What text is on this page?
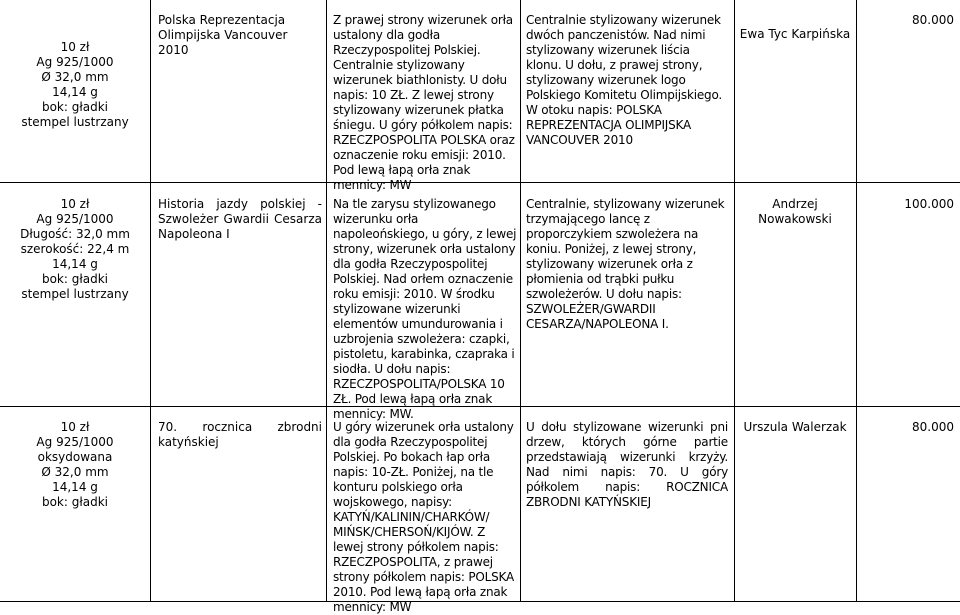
10 zł
Ag 925/1000
Ø 32,0 mm
14,14 g
bok: gładki
stempel lustrzany
Polska Reprezentacja Olimpijska Vancouver 2010
Z prawej strony wizerunek orła ustalony dla godła Rzeczypospolitej Polskiej. Centralnie stylizowany wizerunek biathlonisty. U dołu napis: 10 ZŁ. Z lewej strony stylizowany wizerunek płatka śniegu. U góry półkolem napis: RZECZPOSPOLITA POLSKA oraz oznaczenie roku emisji: 2010. Pod lewą łapą orła znak mennicy: MW
Centralnie stylizowany wizerunek dwóch panczenistów. Nad nimi stylizowany wizerunek liścia klonu. U dołu, z prawej strony, stylizowany wizerunek logo Polskiego Komitetu Olimpijskiego. W otoku napis: POLSKA REPREZENTACJA OLIMPIJSKA VANCOUVER 2010
Ewa Tyc Karpińska
80.000
10 zł
Ag 925/1000
Długość: 32,0 mm
szerokość: 22,4 m
14,14 g
bok: gładki
stempel lustrzany
Historia jazdy polskiej - Szwoleżer Gwardii Cesarza Napoleona I
Na tle zarysu stylizowanego wizerunku orła napoleońskiego, u góry, z lewej strony, wizerunek orła ustalony dla godła Rzeczypospolitej Polskiej. Nad orłem oznaczenie roku emisji: 2010. W środku stylizowane wizerunki elementów umundurowania i uzbrojenia szwoleżera: czapki, pistoletu, karabinka, czapraka i siodła. U dołu napis: RZECZPOSPOLITA/POLSKA 10 ZŁ. Pod lewą łapą orła znak mennicy: MW.
Centralnie, stylizowany wizerunek trzymającego lancę z proporczykiem szwoleżera na koniu. Poniżej, z lewej strony, stylizowany wizerunek orła z płomienia od trąbki pułku szwoleżerów. U dołu napis: SZWOLEŻER/GWARDII CESARZA/NAPOLEONA I.
Andrzej Nowakowski
100.000
10 zł
Ag 925/1000
oksydowana
Ø 32,0 mm
14,14 g
bok: gładki
70. rocznica zbrodni katyńskiej
U góry wizerunek orła ustalony dla godła Rzeczypospolitej Polskiej. Po bokach łap orła napis: 10-ZŁ. Poniżej, na tle konturu polskiego orła wojskowego, napisy: KATYŃ/KALININ/CHARKÓW/ MIŃSK/CHERSOŃ/KIJÓW. Z lewej strony półkolem napis: RZECZPOSPOLITA, z prawej strony półkolem napis: POLSKA 2010. Pod lewą łapą orła znak mennicy: MW
U dołu stylizowane wizerunki pni drzew, których górne partie przedstawiają wizerunki krzyży. Nad nimi napis: 70. U góry półkolem napis: ROCZNICA ZBRODNI KATYŃSKIEJ
Urszula Walerzak	80.000
